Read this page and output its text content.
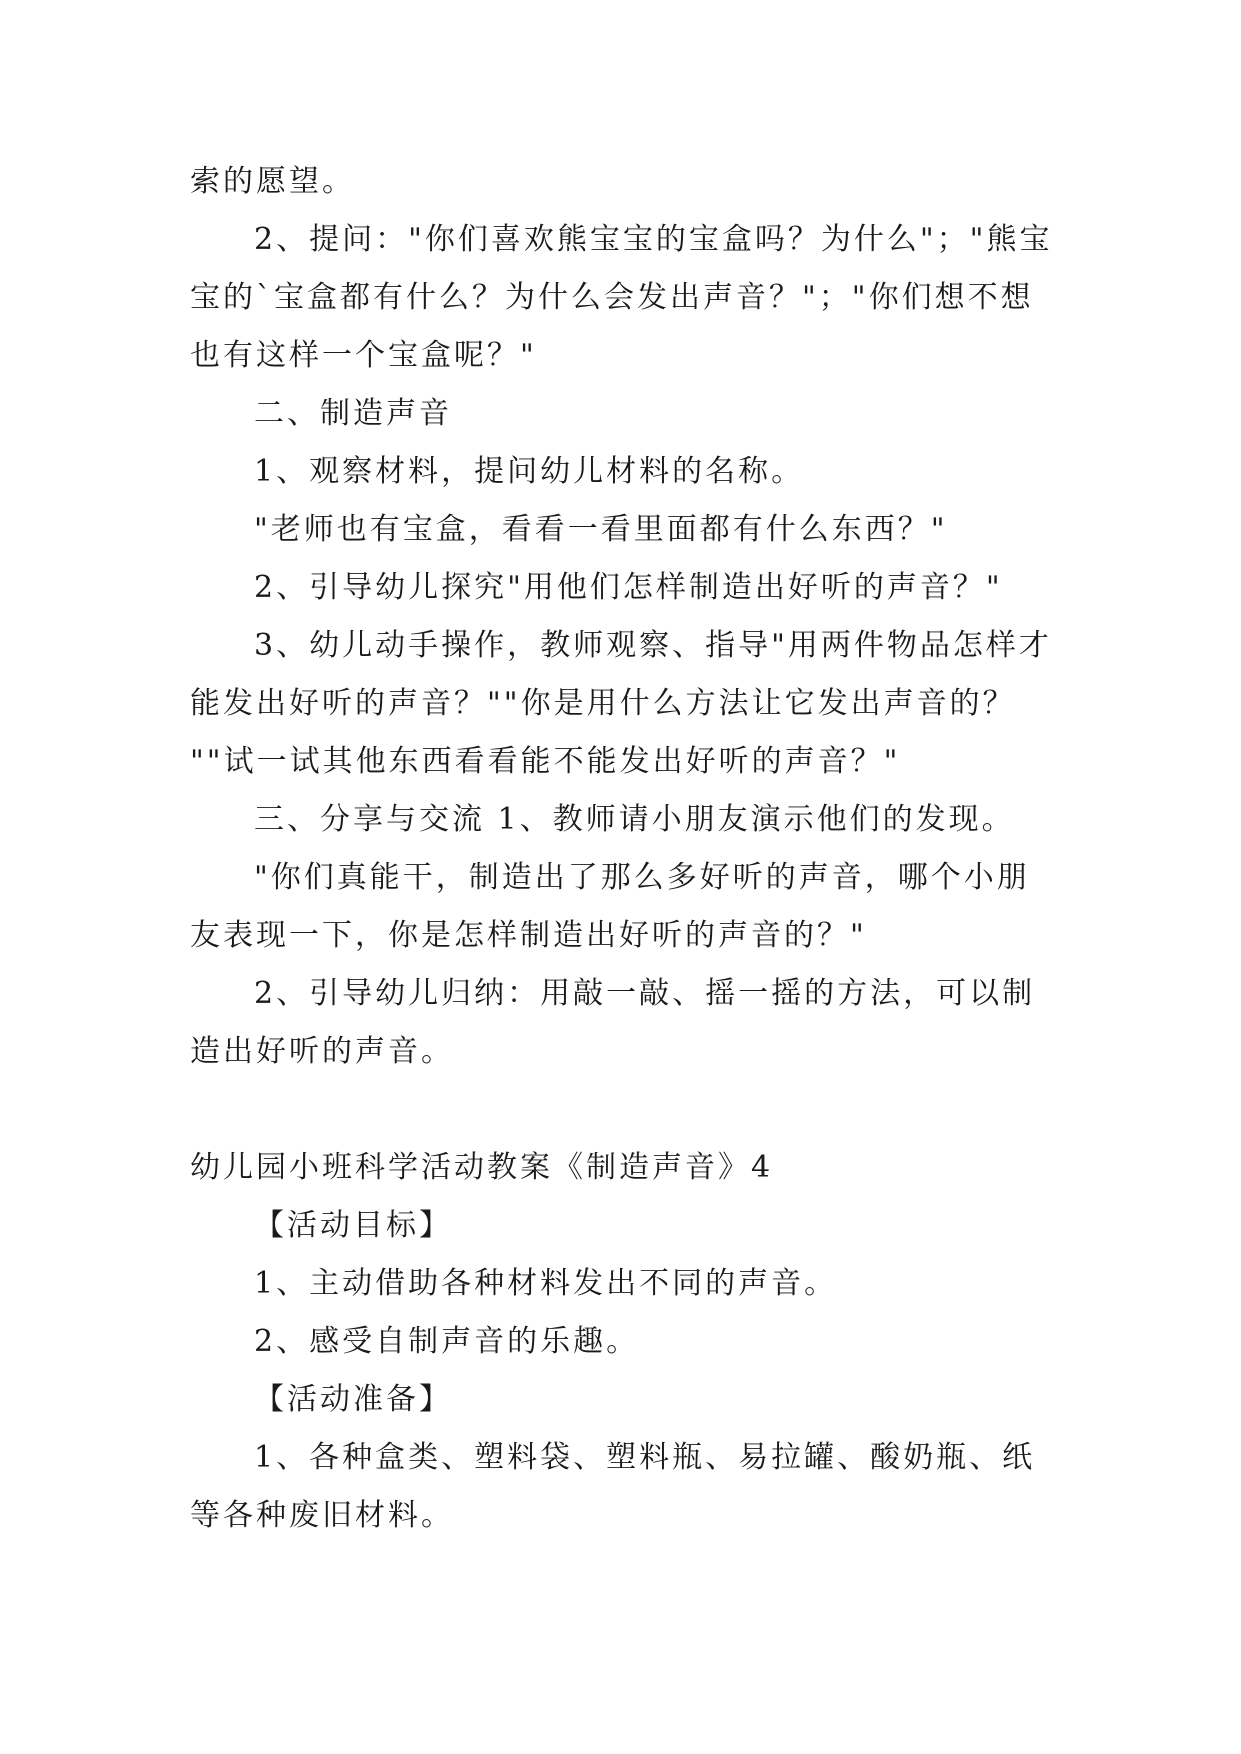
索的愿望。
2、提问："你们喜欢熊宝宝的宝盒吗？为什么"；"熊宝
宝的`宝盒都有什么？为什么会发出声音？"；"你们想不想
也有这样一个宝盒呢？"
二、制造声音
1、观察材料，提问幼儿材料的名称。
"老师也有宝盒，看看一看里面都有什么东西？"
2、引导幼儿探究"用他们怎样制造出好听的声音？"
3、幼儿动手操作，教师观察、指导"用两件物品怎样才
能发出好听的声音？""你是用什么方法让它发出声音的？
""试一试其他东西看看能不能发出好听的声音？"
三、分享与交流 1、教师请小朋友演示他们的发现。
"你们真能干，制造出了那么多好听的声音，哪个小朋
友表现一下，你是怎样制造出好听的声音的？"
2、引导幼儿归纳：用敲一敲、摇一摇的方法，可以制
造出好听的声音。
幼儿园小班科学活动教案《制造声音》4
【活动目标】
1、主动借助各种材料发出不同的声音。
2、感受自制声音的乐趣。
【活动准备】
1、各种盒类、塑料袋、塑料瓶、易拉罐、酸奶瓶、纸
等各种废旧材料。
